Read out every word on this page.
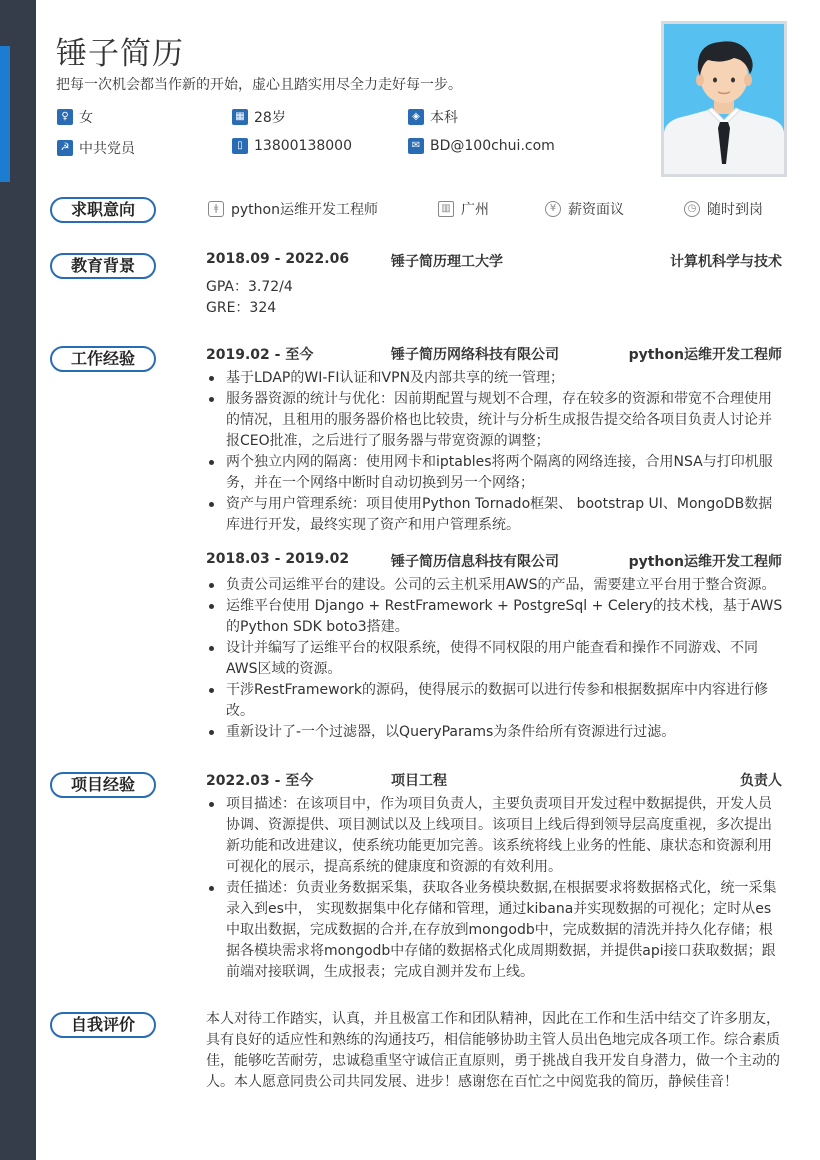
锤子简历
把每一次机会都当作新的开始，虚心且踏实用尽全力走好每一步。
♀ 女	▦ 28岁	◈ 本科
☭ 中共党员	▯ 13800138000	✉ BD@100chui.com
求职意向	ǂ python运维开发工程师	▥ 广州	¥ 薪资面议	◷ 随时到岗
教育背景	2018.09 - 2022.06	锤子简历理工大学	计算机科学与技术
GPA：3.72/4
GRE：324
工作经验	2019.02 - 至今	锤子简历网络科技有限公司	python运维开发工程师
基于LDAP的WI-FI认证和VPN及内部共享的统一管理；
服务器资源的统计与优化：因前期配置与规划不合理，存在较多的资源和带宽不合理使用的情况，且租用的服务器价格也比较贵，统计与分析生成报告提交给各项目负责人讨论并报CEO批准，之后进行了服务器与带宽资源的调整；
两个独立内网的隔离：使用网卡和iptables将两个隔离的网络连接，合用NSA与打印机服务，并在一个网络中断时自动切换到另一个网络；
资产与用户管理系统：项目使用Python Tornado框架、 bootstrap UI、MongoDB数据库进行开发，最终实现了资产和用户管理系统。
2018.03 - 2019.02	锤子简历信息科技有限公司	python运维开发工程师
负责公司运维平台的建设。公司的云主机采用AWS的产品，需要建立平台用于整合资源。
运维平台使用 Django + RestFramework + PostgreSql + Celery的技术栈，基于AWS的Python SDK boto3搭建。
设计并编写了运维平台的权限系统，使得不同权限的用户能查看和操作不同游戏、不同AWS区域的资源。
干涉RestFramework的源码，使得展示的数据可以进行传参和根据数据库中内容进行修改。
重新设计了-一个过滤器，以QueryParams为条件给所有资源进行过滤。
项目经验	2022.03 - 至今	项目工程	负责人
项目描述：在该项目中，作为项目负责人，主要负责项目开发过程中数据提供，开发人员协调、资源提供、项目测试以及上线项目。该项目上线后得到领导层高度重视，多次提出新功能和改进建议，使系统功能更加完善。该系统将线上业务的性能、康状态和资源利用可视化的展示，提高系统的健康度和资源的有效利用。
责任描述：负责业务数据采集，获取各业务模块数据,在根据要求将数据格式化，统一采集录入到es中， 实现数据集中化存储和管理，通过kibana并实现数据的可视化；定时从es中取出数据，完成数据的合并,在存放到mongodb中，完成数据的清洗并持久化存储；根据各模块需求将mongodb中存储的数据格式化成周期数据，并提供api接口获取数据；跟前端对接联调，生成报表；完成自测并发布上线。
自我评价	本人对待工作踏实，认真，并且极富工作和团队精神，因此在工作和生活中结交了许多朋友，具有良好的适应性和熟练的沟通技巧，相信能够协助主管人员出色地完成各项工作。综合素质佳，能够吃苦耐劳，忠诚稳重坚守诚信正直原则，勇于挑战自我开发自身潜力，做一个主动的人。本人愿意同贵公司共同发展、进步！感谢您在百忙之中阅览我的简历，静候佳音！
